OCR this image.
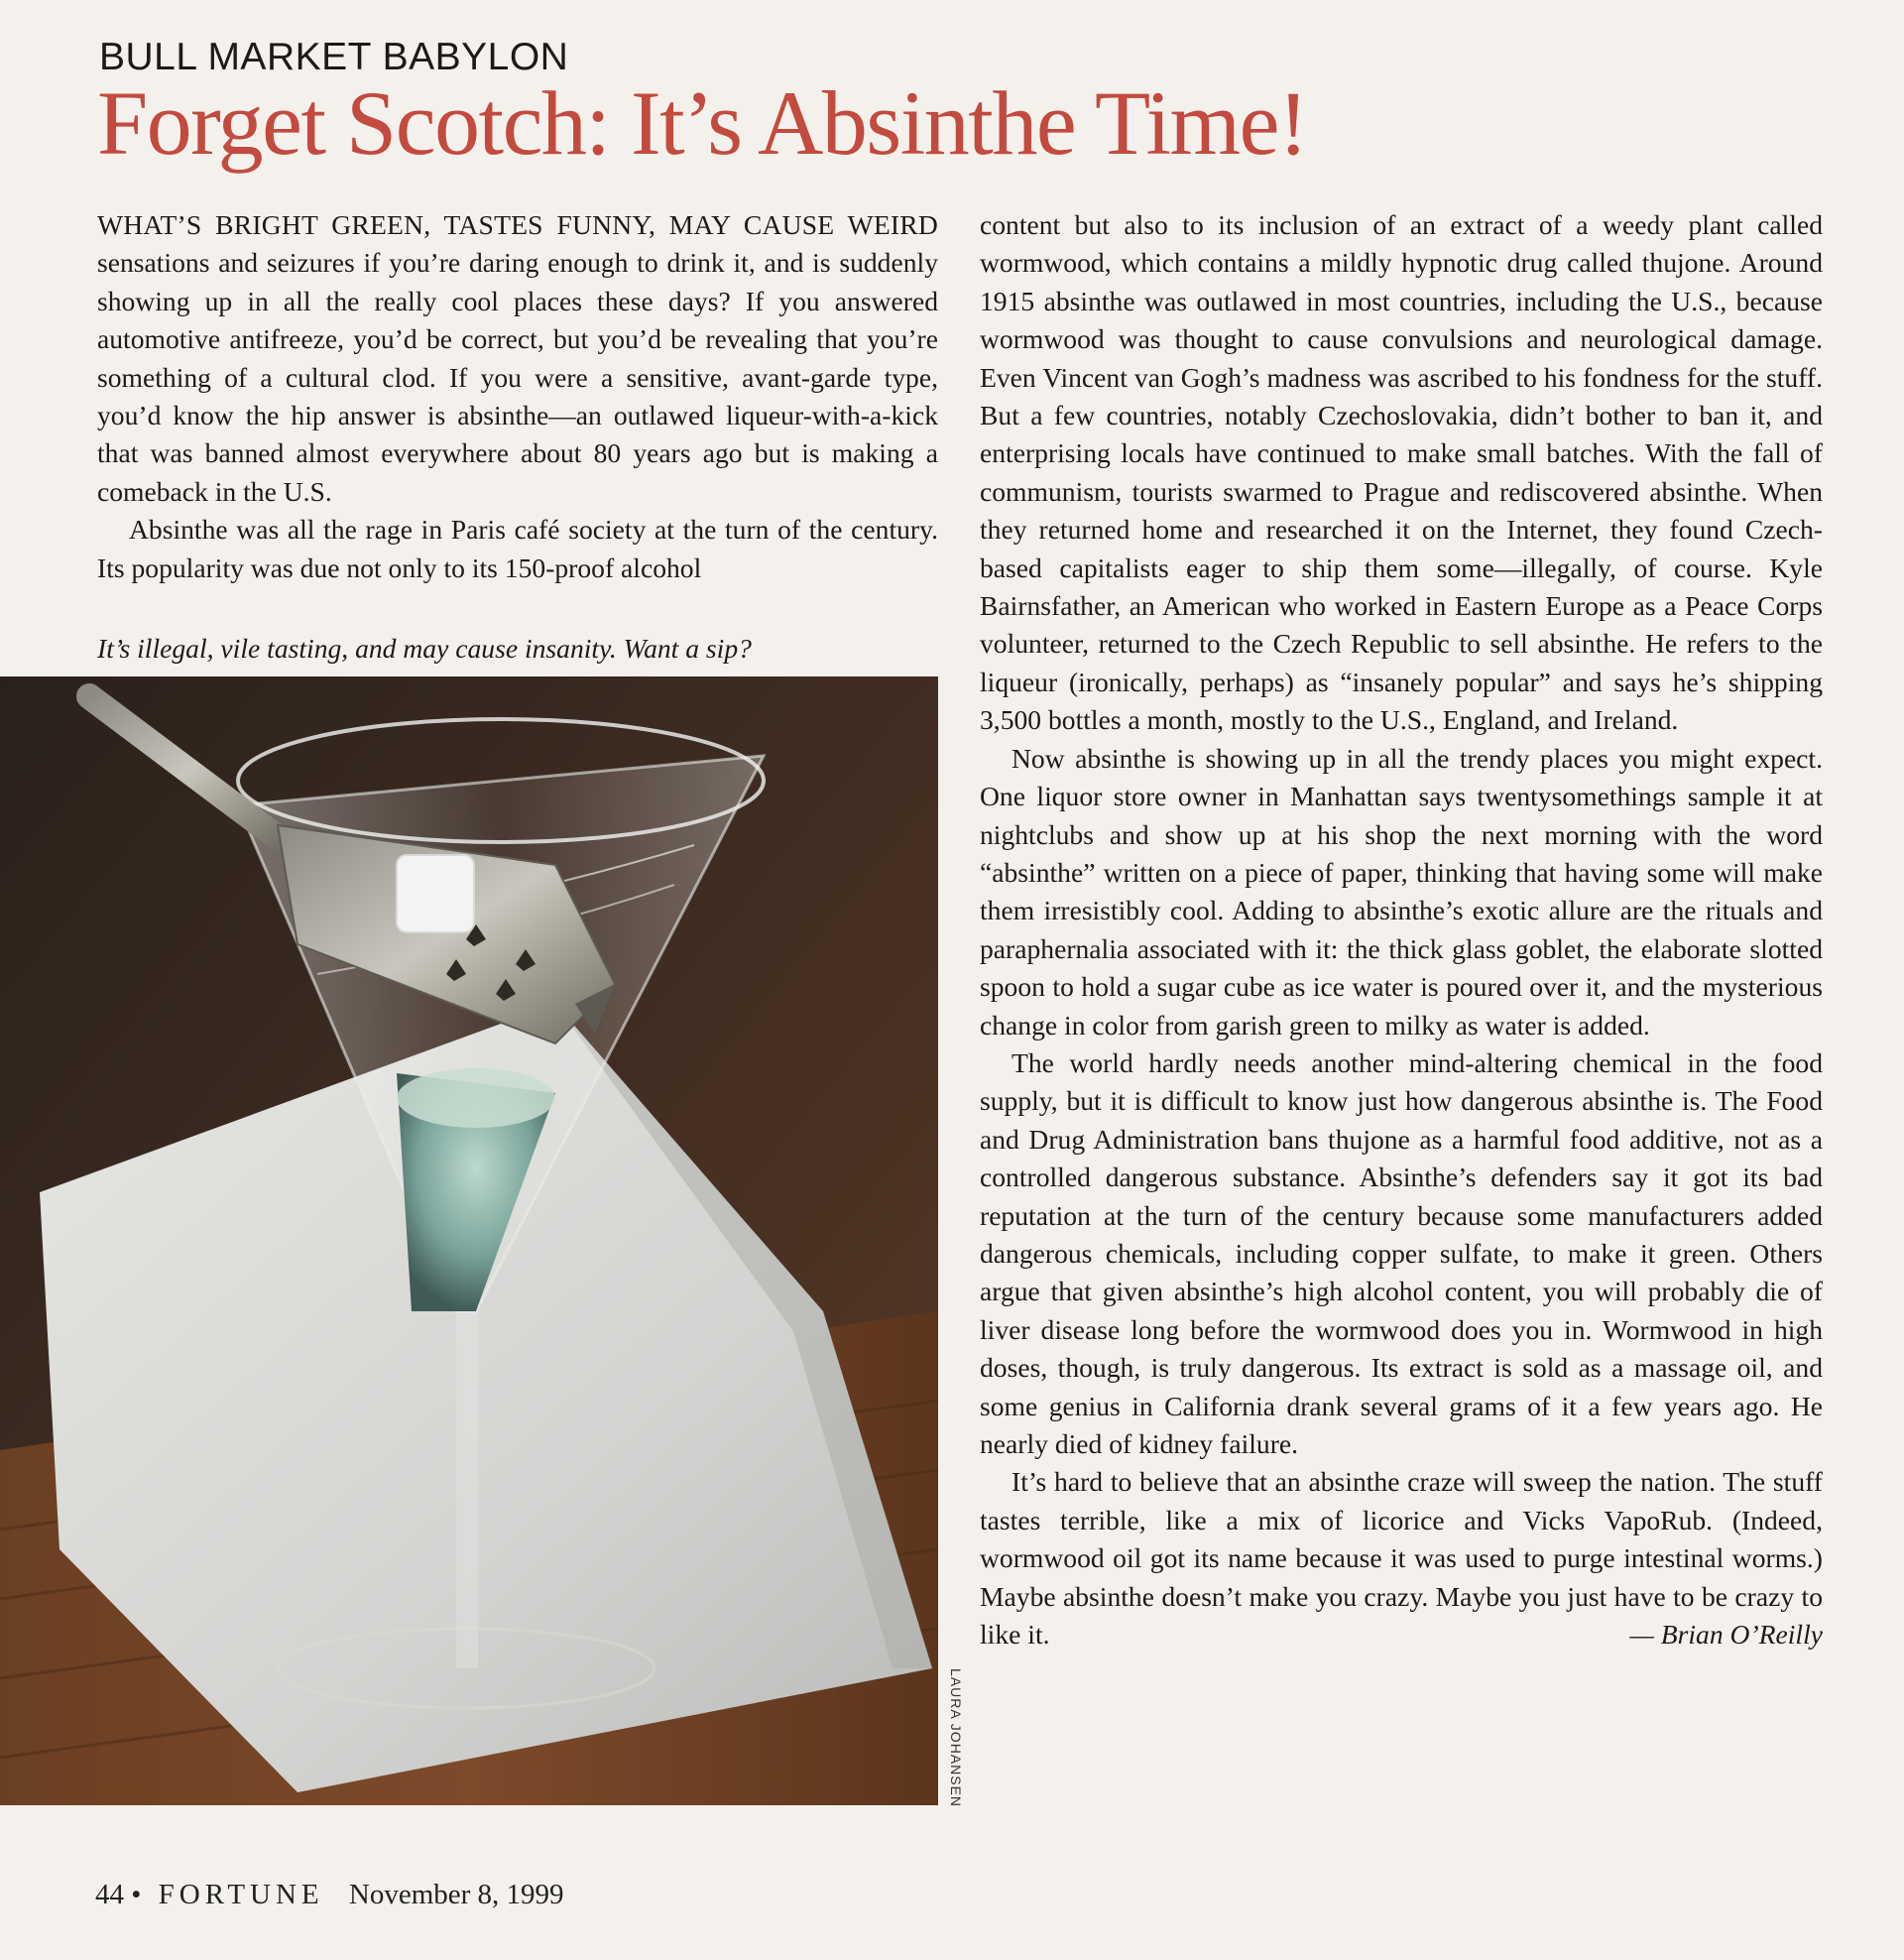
BULL MARKET BABYLON
Forget Scotch: It’s Absinthe Time!

WHAT’S BRIGHT GREEN, TASTES FUNNY, MAY CAUSE WEIRD sensations and seizures if you’re daring enough to drink it, and is suddenly showing up in all the really cool places these days? If you answered automotive antifreeze, you’d be correct, but you’d be revealing that you’re something of a cultural clod. If you were a sensitive, avant-garde type, you’d know the hip answer is absinthe—an outlawed liqueur-with-a-kick that was banned almost everywhere about 80 years ago but is making a comeback in the U.S.

Absinthe was all the rage in Paris café society at the turn of the century. Its popularity was due not only to its 150-proof alcohol

It’s illegal, vile tasting, and may cause insanity. Want a sip?
LAURA JOHANSEN

content but also to its inclusion of an extract of a weedy plant called wormwood, which contains a mildly hypnotic drug called thujone. Around 1915 absinthe was outlawed in most countries, including the U.S., because wormwood was thought to cause convulsions and neurological damage. Even Vincent van Gogh’s madness was ascribed to his fondness for the stuff. But a few countries, notably Czechoslovakia, didn’t bother to ban it, and enterprising locals have continued to make small batches. With the fall of communism, tourists swarmed to Prague and rediscovered absinthe. When they returned home and researched it on the Internet, they found Czech-based capitalists eager to ship them some—illegally, of course. Kyle Bairnsfather, an American who worked in Eastern Europe as a Peace Corps volunteer, returned to the Czech Republic to sell absinthe. He refers to the liqueur (ironically, perhaps) as “insanely popular” and says he’s shipping 3,500 bottles a month, mostly to the U.S., England, and Ireland.

Now absinthe is showing up in all the trendy places you might expect. One liquor store owner in Manhattan says twentysomethings sample it at nightclubs and show up at his shop the next morning with the word “absinthe” written on a piece of paper, thinking that having some will make them irresistibly cool. Adding to absinthe’s exotic allure are the rituals and paraphernalia associated with it: the thick glass goblet, the elaborate slotted spoon to hold a sugar cube as ice water is poured over it, and the mysterious change in color from garish green to milky as water is added.

The world hardly needs another mind-altering chemical in the food supply, but it is difficult to know just how dangerous absinthe is. The Food and Drug Administration bans thujone as a harmful food additive, not as a controlled dangerous substance. Absinthe’s defenders say it got its bad reputation at the turn of the century because some manufacturers added dangerous chemicals, including copper sulfate, to make it green. Others argue that given absinthe’s high alcohol content, you will probably die of liver disease long before the wormwood does you in. Wormwood in high doses, though, is truly dangerous. Its extract is sold as a massage oil, and some genius in California drank several grams of it a few years ago. He nearly died of kidney failure.

It’s hard to believe that an absinthe craze will sweep the nation. The stuff tastes terrible, like a mix of licorice and Vicks VapoRub. (Indeed, wormwood oil got its name because it was used to purge intestinal worms.) Maybe absinthe doesn’t make you crazy. Maybe you just have to be crazy to like it.	— Brian O’Reilly

44 • FORTUNE November 8, 1999
